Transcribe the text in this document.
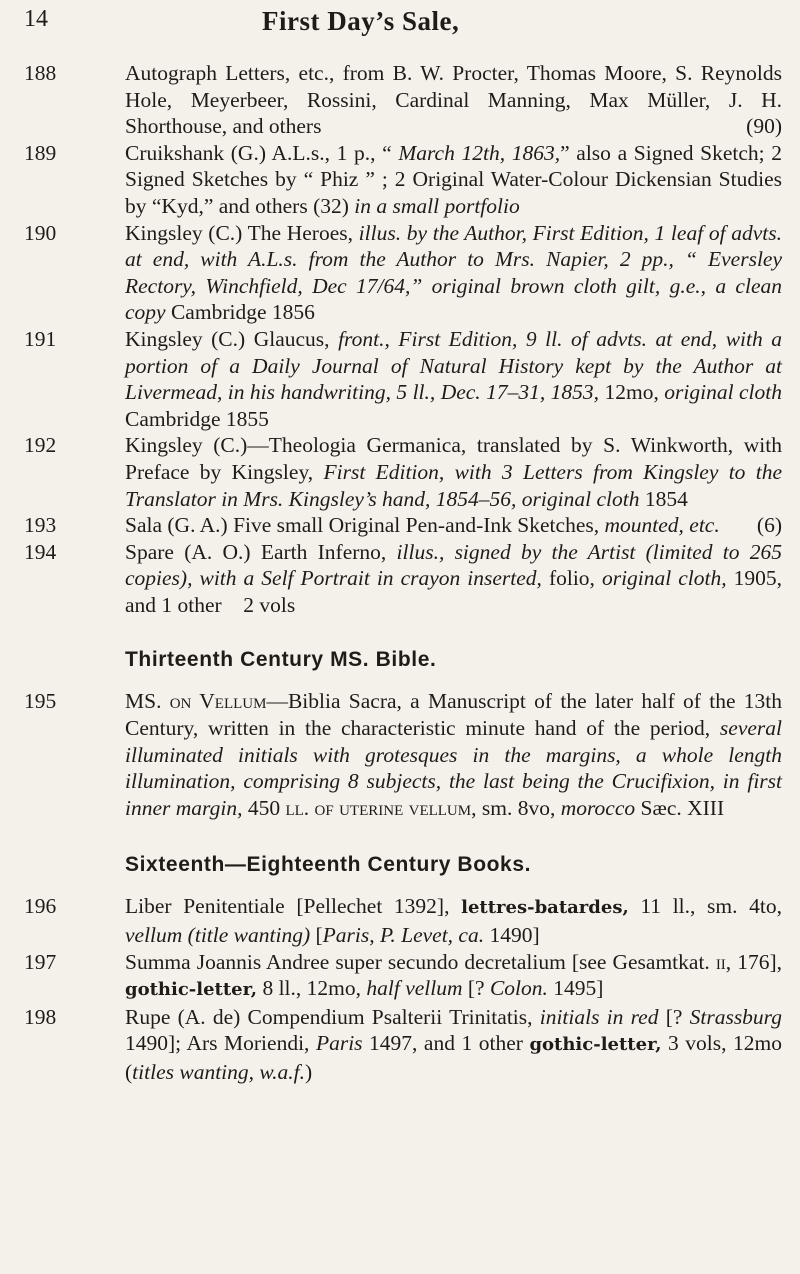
14	First Day’s Sale,
188	Autograph Letters, etc., from B. W. Procter, Thomas Moore, S. Reynolds Hole, Meyerbeer, Rossini, Cardinal Manning, Max Müller, J. H. Shorthouse, and others	(90)

189	Cruikshank (G.) A.L.s., 1 p., “ March 12th, 1863,” also a Signed Sketch; 2 Signed Sketches by “ Phiz ” ; 2 Original Water-Colour Dickensian Studies by “Kyd,” and others (32) in a small portfolio

190	Kingsley (C.) The Heroes, illus. by the Author, First Edition, 1 leaf of advts. at end, with A.L.s. from the Author to Mrs. Napier, 2 pp., “ Eversley Rectory, Winchfield, Dec 17/64,” original brown cloth gilt, g.e., a clean copy Cambridge 1856

191	Kingsley (C.) Glaucus, front., First Edition, 9 ll. of advts. at end, with a portion of a Daily Journal of Natural History kept by the Author at Livermead, in his handwriting, 5 ll., Dec. 17–31, 1853, 12mo, original cloth Cambridge 1855

192	Kingsley (C.)—Theologia Germanica, translated by S. Winkworth, with Preface by Kingsley, First Edition, with 3 Letters from Kingsley to the Translator in Mrs. Kingsley’s hand, 1854–56, original cloth 1854

193	Sala (G. A.) Five small Original Pen-and-Ink Sketches, mounted, etc. (6)

194	Spare (A. O.) Earth Inferno, illus., signed by the Artist (limited to 265 copies), with a Self Portrait in crayon inserted, folio, original cloth, 1905, and 1 other    2 vols

Thirteenth Century MS. Bible.
195	MS. on Vellum—Biblia Sacra, a Manuscript of the later half of the 13th Century, written in the characteristic minute hand of the period, several illuminated initials with grotesques in the margins, a whole length illumination, comprising 8 subjects, the last being the Crucifixion, in first inner margin, 450 ll. of uterine vellum, sm. 8vo, morocco Sæc. XIII

Sixteenth—Eighteenth Century Books.
196	Liber Penitentiale [Pellechet 1392], lettres-batardes, 11 ll., sm. 4to, vellum (title wanting) [Paris, P. Levet, ca. 1490]

197	Summa Joannis Andree super secundo decretalium [see Gesamtkat. ii, 176], gothic-letter, 8 ll., 12mo, half vellum [? Colon. 1495]

198	Rupe (A. de) Compendium Psalterii Trinitatis, initials in red [? Strassburg 1490]; Ars Moriendi, Paris 1497, and 1 other gothic-letter, 3 vols, 12mo (titles wanting, w.a.f.)
